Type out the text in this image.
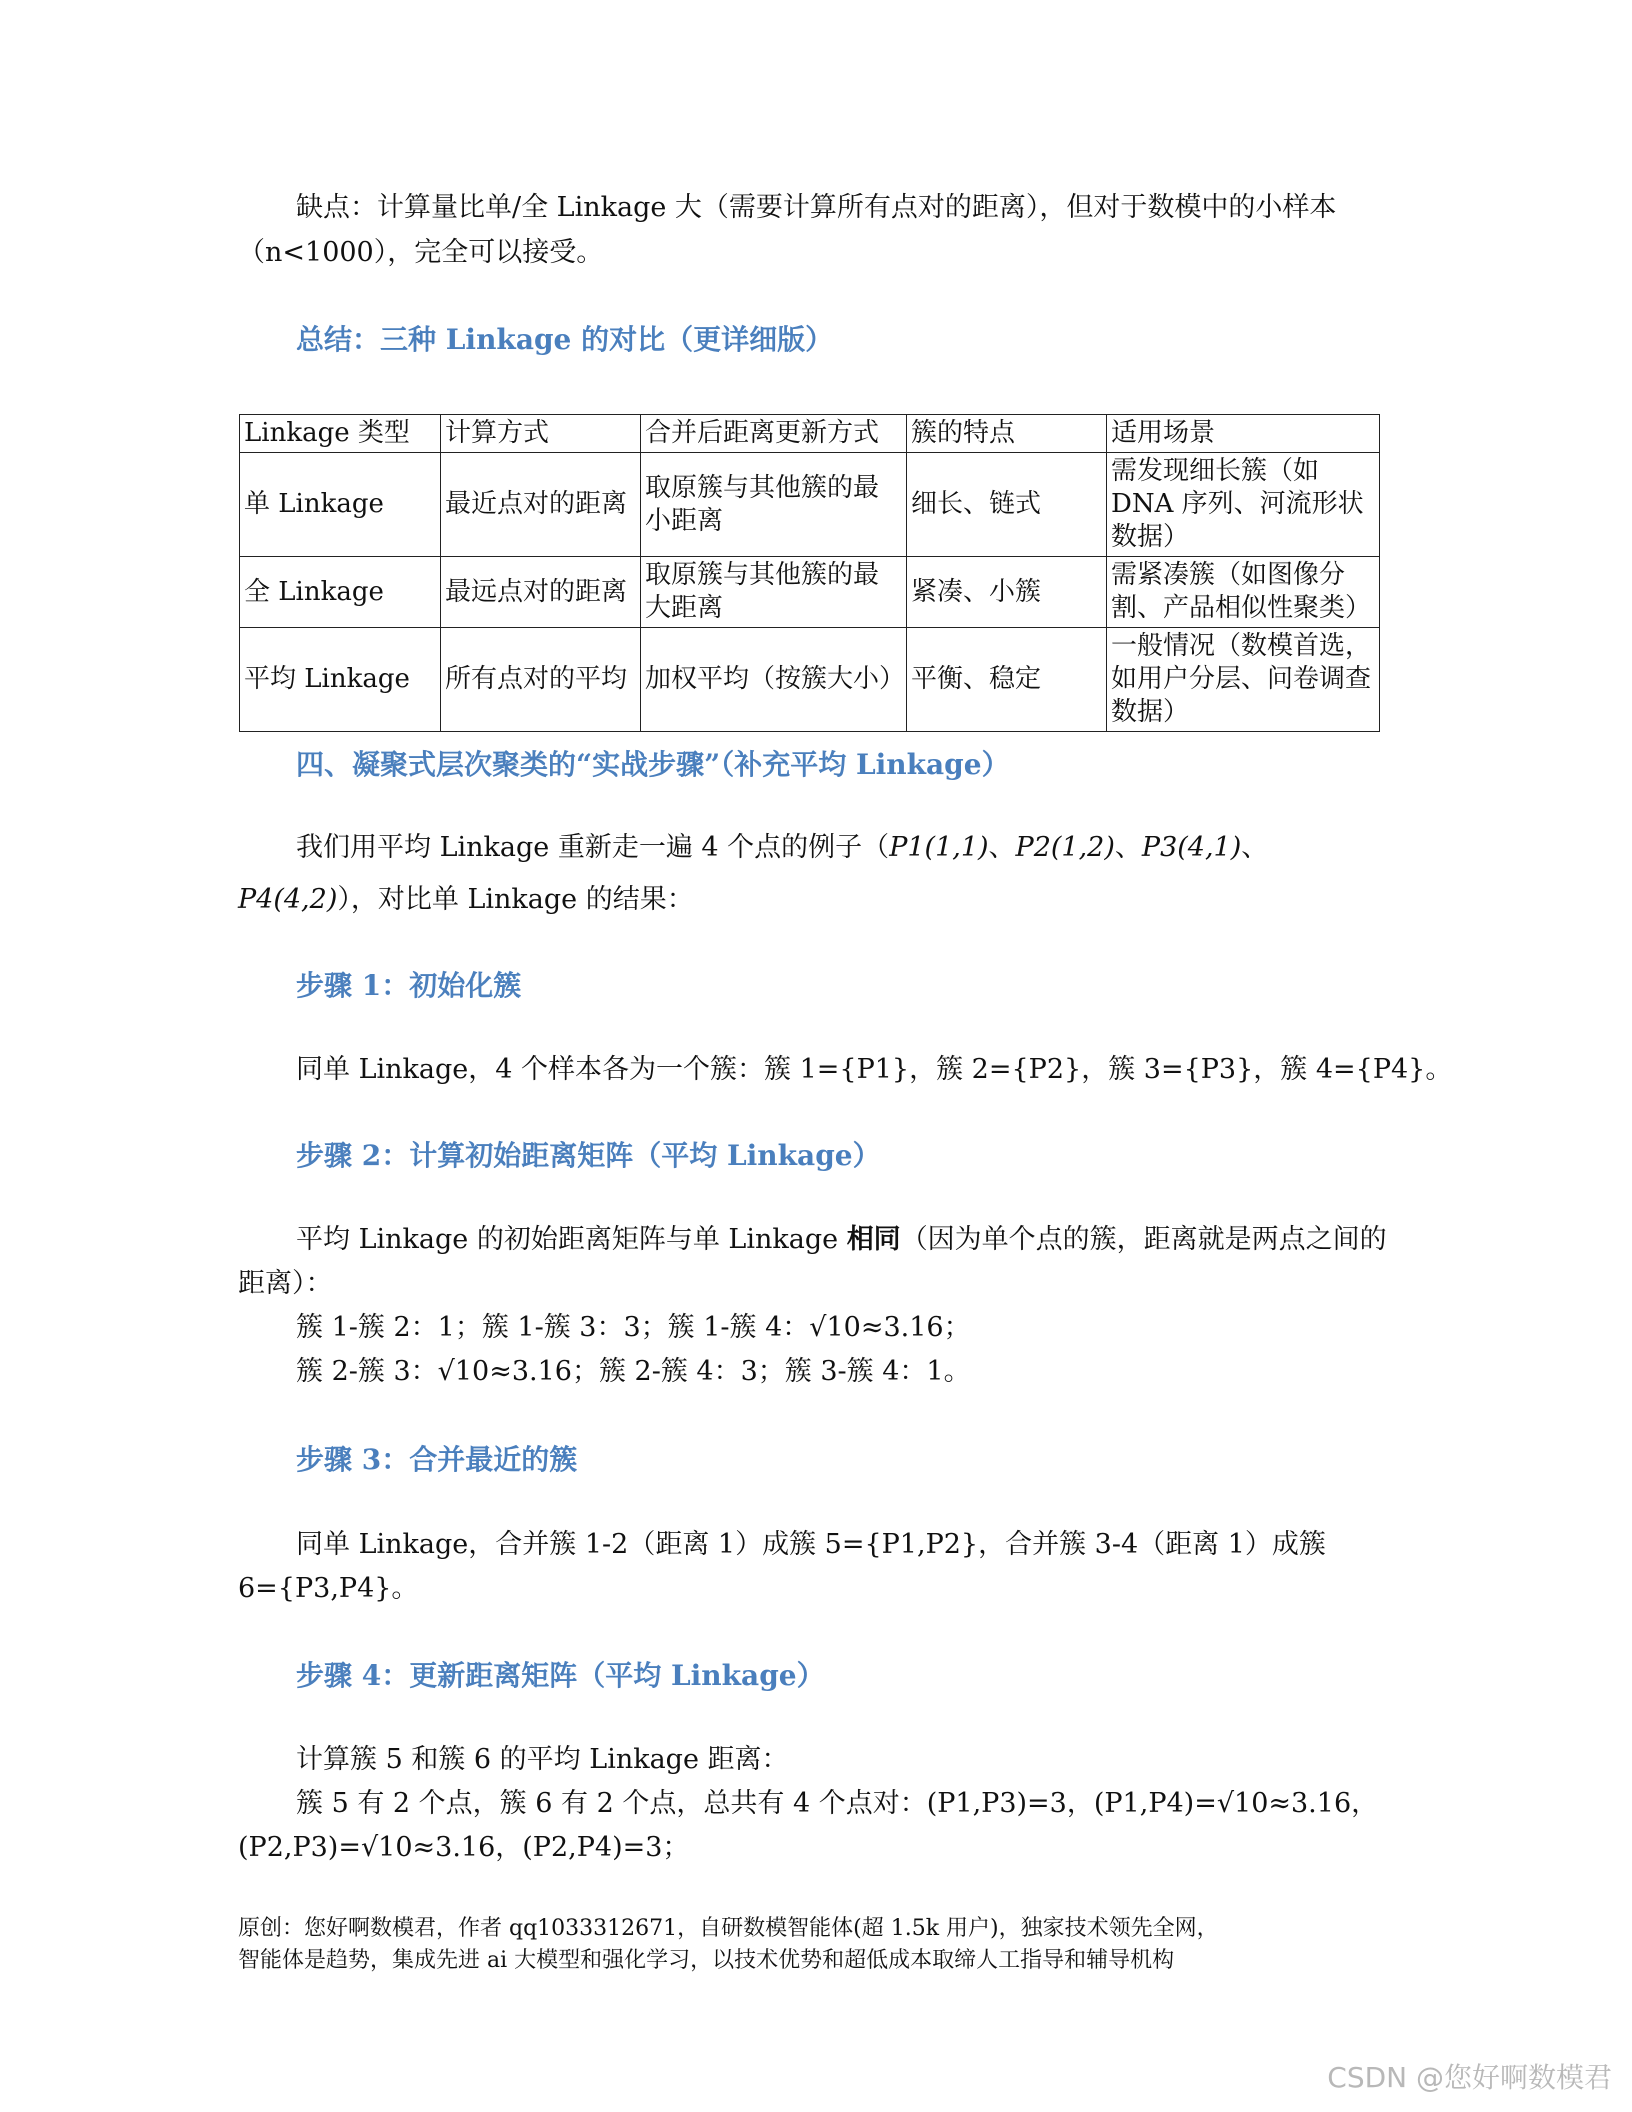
缺点：计算量比单/全 Linkage 大（需要计算所有点对的距离），但对于数模中的小样本
（n<1000），完全可以接受。
总结：三种 Linkage 的对比（更详细版）
Linkage 类型	计算方式	合并后距离更新方式	簇的特点	适用场景
单 Linkage	最近点对的距离	取原簇与其他簇的最小距离	细长、链式	需发现细长簇（如 DNA 序列、河流形状数据）
全 Linkage	最远点对的距离	取原簇与其他簇的最大距离	紧凑、小簇	需紧凑簇（如图像分割、产品相似性聚类）
平均 Linkage	所有点对的平均	加权平均（按簇大小）	平衡、稳定	一般情况（数模首选，如用户分层、问卷调查数据）
四、凝聚式层次聚类的“实战步骤”（补充平均 Linkage）
我们用平均 Linkage 重新走一遍 4 个点的例子（P1(1,1)、P2(1,2)、P3(4,1)、
P4(4,2)），对比单 Linkage 的结果：
步骤 1：初始化簇
同单 Linkage，4 个样本各为一个簇：簇 1={P1}，簇 2={P2}，簇 3={P3}，簇 4={P4}。
步骤 2：计算初始距离矩阵（平均 Linkage）
平均 Linkage 的初始距离矩阵与单 Linkage 相同（因为单个点的簇，距离就是两点之间的
距离）：
簇 1-簇 2：1；簇 1-簇 3：3；簇 1-簇 4：√10≈3.16；
簇 2-簇 3：√10≈3.16；簇 2-簇 4：3；簇 3-簇 4：1。
步骤 3：合并最近的簇
同单 Linkage，合并簇 1-2（距离 1）成簇 5={P1,P2}，合并簇 3-4（距离 1）成簇
6={P3,P4}。
步骤 4：更新距离矩阵（平均 Linkage）
计算簇 5 和簇 6 的平均 Linkage 距离：
簇 5 有 2 个点，簇 6 有 2 个点，总共有 4 个点对：(P1,P3)=3，(P1,P4)=√10≈3.16，
(P2,P3)=√10≈3.16，(P2,P4)=3；
原创：您好啊数模君，作者 qq1033312671，自研数模智能体(超 1.5k 用户)，独家技术领先全网，
智能体是趋势，集成先进 ai 大模型和强化学习，以技术优势和超低成本取缔人工指导和辅导机构
CSDN @您好啊数模君
